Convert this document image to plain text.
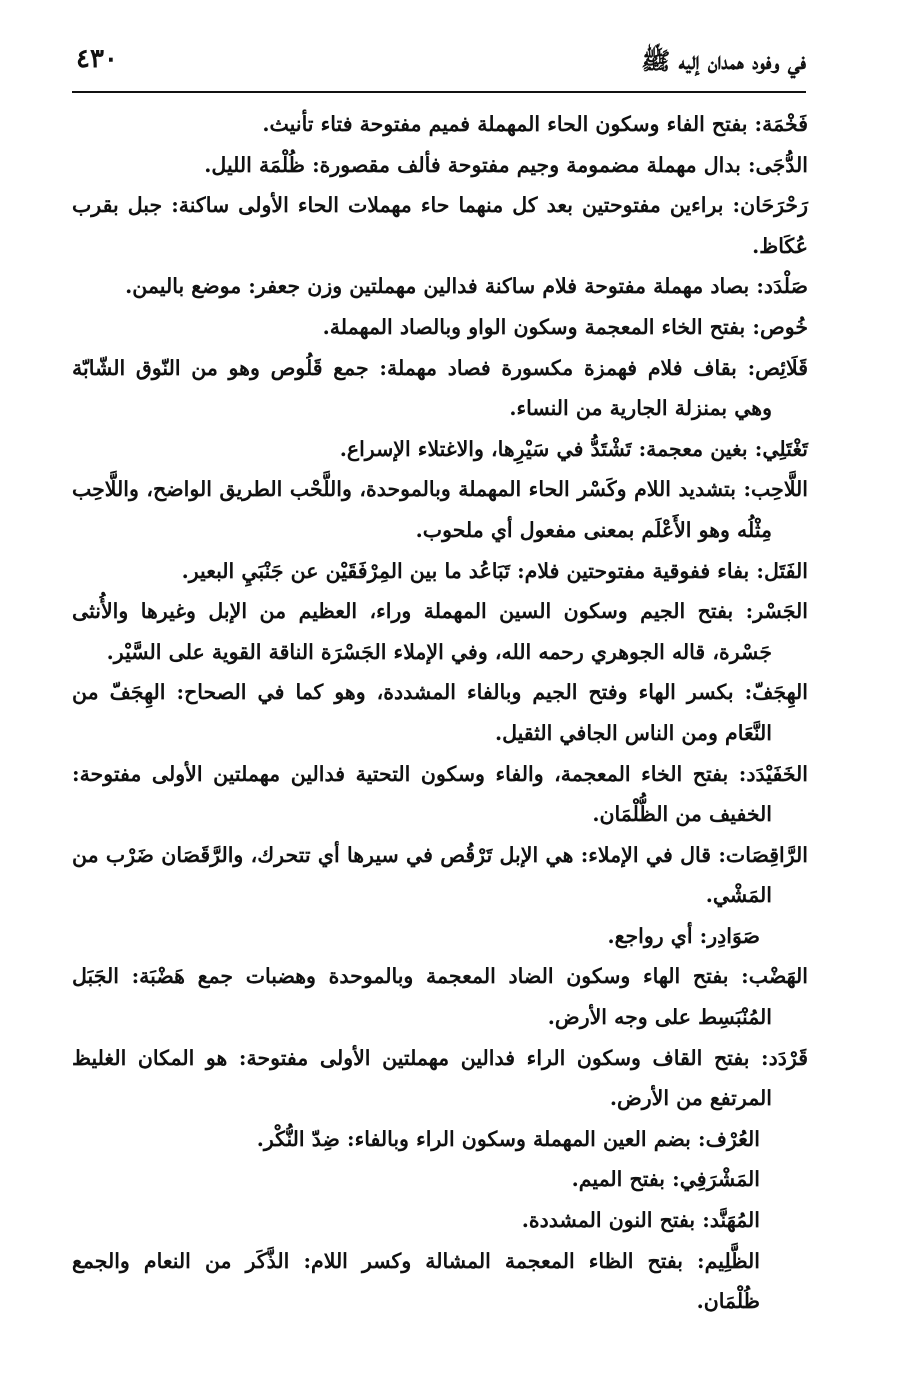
في وفود همدان إليه ﷺ
٤٣٠

فَخْمَة: بفتح الفاء وسكون الحاء المهملة فميم مفتوحة فتاء تأنيث.

الدُّجَى: بدال مهملة مضمومة وجيم مفتوحة فألف مقصورة: ظُلْمَة الليل.

رَحْرَحَان: براءين مفتوحتين بعد كل منهما حاء مهملات الحاء الأولى ساكنة: جبل بقرب عُكَاظ.

صَلْدَد: بصاد مهملة مفتوحة فلام ساكنة فدالين مهملتين وزن جعفر: موضع باليمن.

خُوص: بفتح الخاء المعجمة وسكون الواو وبالصاد المهملة.

قَلَائِص: بقاف فلام فهمزة مكسورة فصاد مهملة: جمع قَلُوص وهو من النّوق الشّابّة وهي بمنزلة الجارية من النساء.

تَغْتَلِي: بغين معجمة: تَشْتَدُّ في سَيْرِها، والاغتلاء الإسراع.

اللَّاحِب: بتشديد اللام وكَسْر الحاء المهملة وبالموحدة، واللَّحْب الطريق الواضح، واللَّاحِب مِثْلُه وهو الأَعْلَم بمعنى مفعول أي ملحوب.

الفَتَل: بفاء ففوقية مفتوحتين فلام: تَبَاعُد ما بين المِرْفَقَيْن عن جَنْبَيِ البعير.

الجَسْر: بفتح الجيم وسكون السين المهملة وراء، العظيم من الإبل وغيرها والأُنثى جَسْرة، قاله الجوهري رحمه الله، وفي الإملاء الجَسْرَة الناقة القوية على السَّيْر.

الهِجَفّ: بكسر الهاء وفتح الجيم وبالفاء المشددة، وهو كما في الصحاح: الهِجَفّ من النَّعَام ومن الناس الجافي الثقيل.

الخَفَيْدَد: بفتح الخاء المعجمة، والفاء وسكون التحتية فدالين مهملتين الأولى مفتوحة: الخفيف من الظُّلْمَان.

الرَّاقِصَات: قال في الإملاء: هي الإبل تَرْقُص في سيرها أي تتحرك، والرَّقَصَان ضَرْب من المَشْي.

صَوَادِر: أي رواجع.

الهَضْب: بفتح الهاء وسكون الضاد المعجمة وبالموحدة وهضبات جمع هَضْبَة: الجَبَل المُنْبَسِط على وجه الأرض.

قَرْدَد: بفتح القاف وسكون الراء فدالين مهملتين الأولى مفتوحة: هو المكان الغليظ المرتفع من الأرض.

العُرْف: بضم العين المهملة وسكون الراء وبالفاء: ضِدّ النُّكْر.

المَشْرَفِي: بفتح الميم.

المُهَنَّد: بفتح النون المشددة.

الظَّلِيم: بفتح الظاء المعجمة المشالة وكسر اللام: الذَّكَر من النعام والجمع ظُلْمَان.
